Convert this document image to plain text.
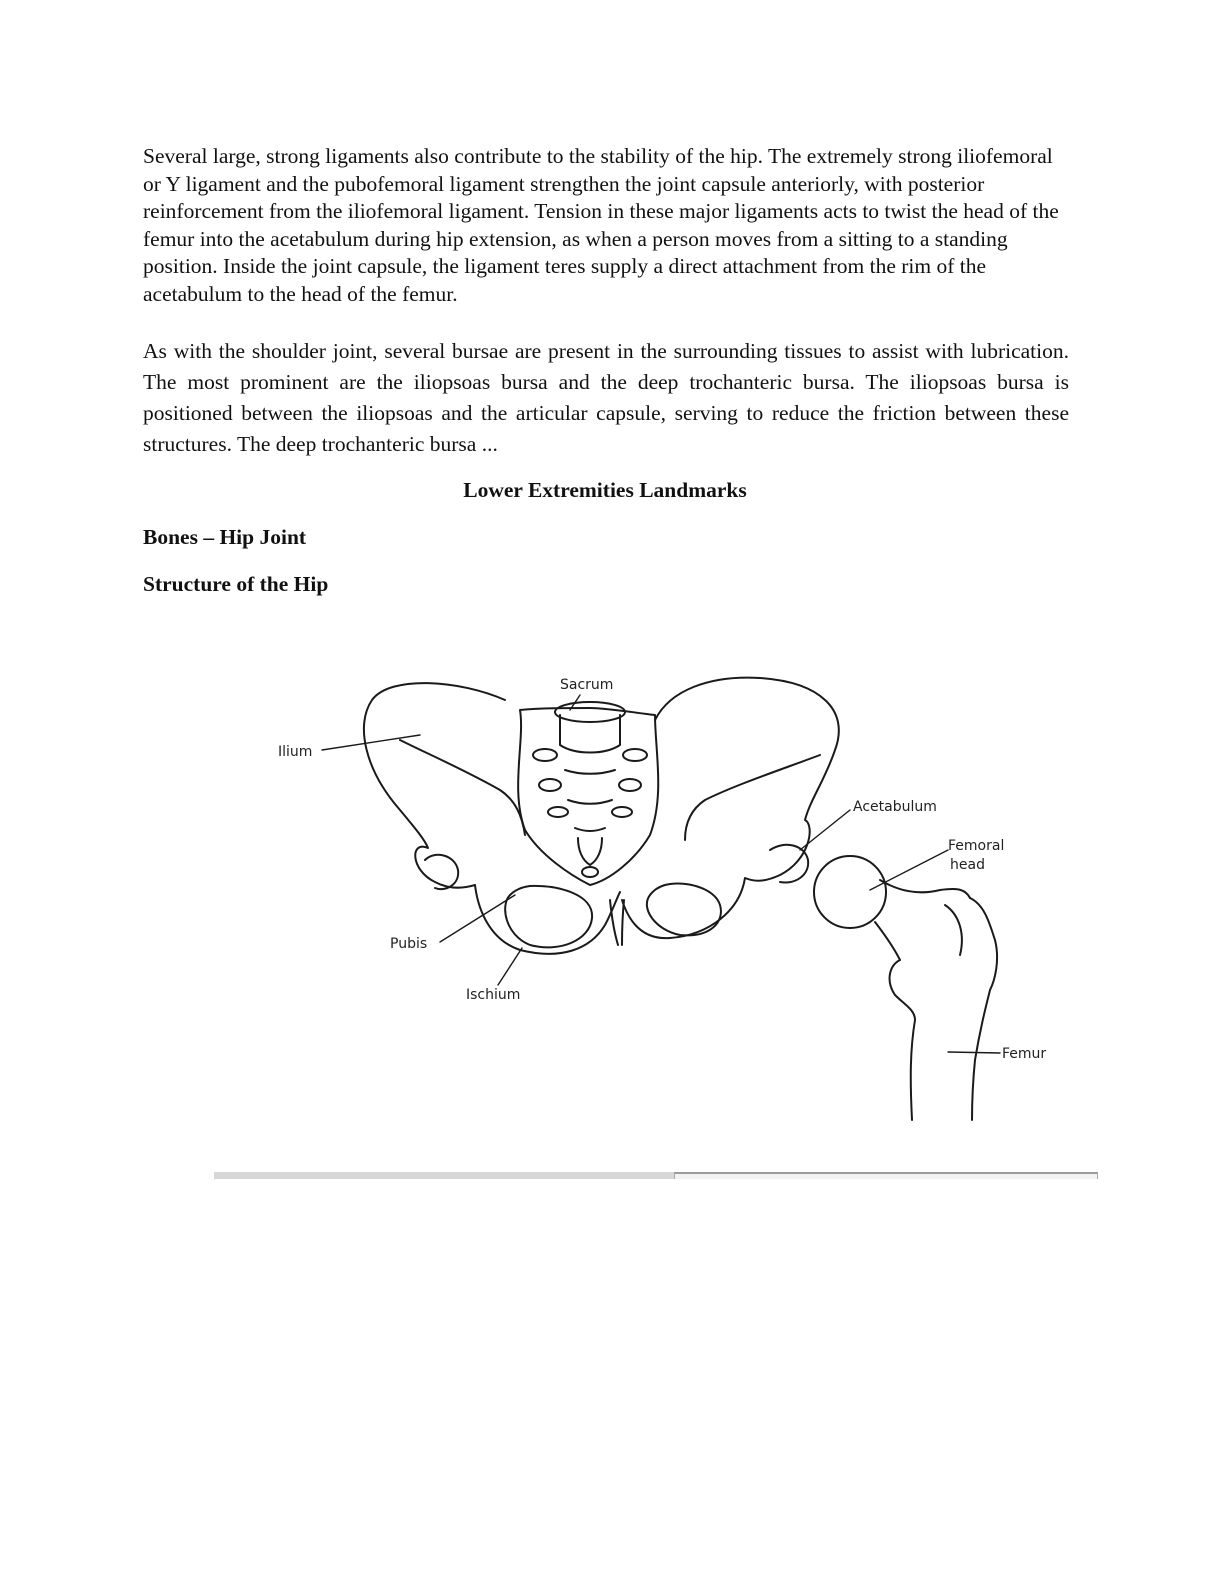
Several large, strong ligaments also contribute to the stability of the hip. The extremely strong iliofemoral or Y ligament and the pubofemoral ligament strengthen the joint capsule anteriorly, with posterior reinforcement from the iliofemoral ligament. Tension in these major ligaments acts to twist the head of the femur into the acetabulum during hip extension, as when a person moves from a sitting to a standing position. Inside the joint capsule, the ligament teres supply a direct attachment from the rim of the acetabulum to the head of the femur.

As with the shoulder joint, several bursae are present in the surrounding tissues to assist with lubrication. The most prominent are the iliopsoas bursa and the deep trochanteric bursa. The iliopsoas bursa is positioned between the iliopsoas and the articular capsule, serving to reduce the friction between these structures. The deep trochanteric bursa ...

Lower Extremities Landmarks
Bones – Hip Joint
Structure of the Hip
Sacrum
Ilium
Acetabulum
Femoral
head
Pubis
Ischium
Femur
